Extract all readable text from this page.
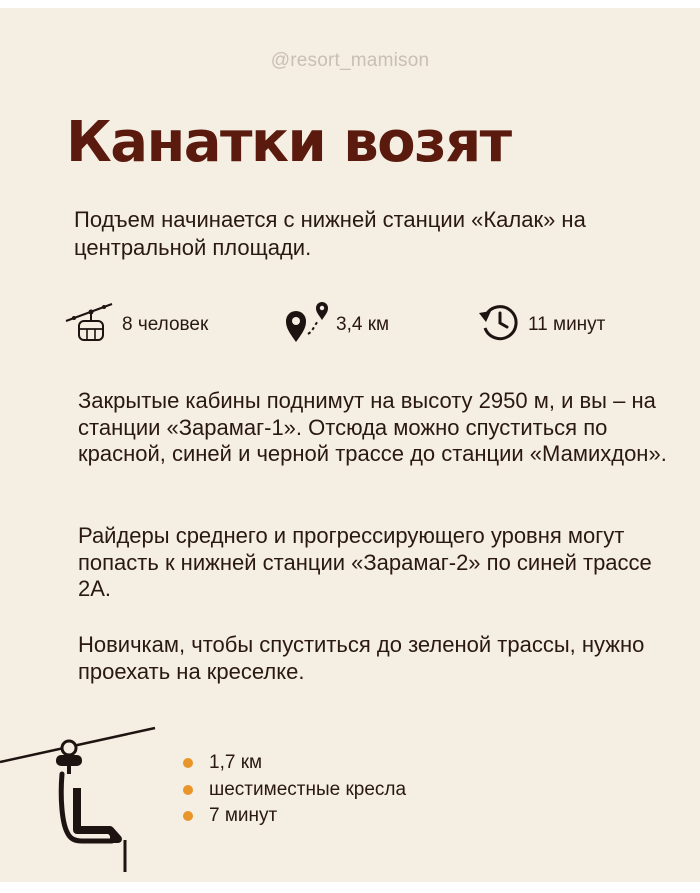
@resort_mamison
Канатки возят
Подъем начинается с нижней станции «Калак» на центральной площади.
8 человек	3,4 км	11 минут
Закрытые кабины поднимут на высоту 2950 м, и вы – на станции «Зарамаг-1». Отсюда можно спуститься по красной, синей и черной трассе до станции «Мамихдон».
Райдеры среднего и прогрессирующего уровня могут попасть к нижней станции «Зарамаг-2» по синей трассе 2А.
Новичкам, чтобы спуститься до зеленой трассы, нужно проехать на креселке.
1,7 км
шестиместные кресла
7 минут
